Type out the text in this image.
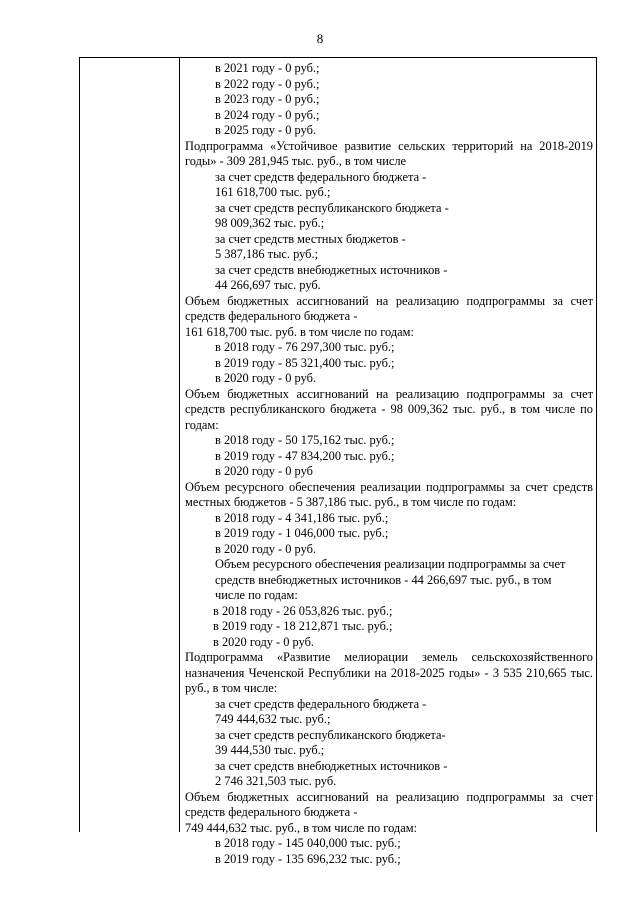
8
в 2021 году - 0 руб.;
в 2022 году - 0 руб.;
в 2023 году - 0 руб.;
в 2024 году - 0 руб.;
в 2025 году - 0 руб.
Подпрограмма «Устойчивое развитие сельских территорий на 2018-2019
годы» - 309 281,945 тыс. руб., в том числе
за счет средств федерального бюджета -
161 618,700 тыс. руб.;
за счет средств республиканского бюджета -
98 009,362 тыс. руб.;
за счет средств местных бюджетов -
5 387,186 тыс. руб.;
за счет средств внебюджетных источников -
44 266,697 тыс. руб.
Объем бюджетных ассигнований на реализацию подпрограммы за счет
средств федерального бюджета -
161 618,700 тыс. руб. в том числе по годам:
в 2018 году - 76 297,300 тыс. руб.;
в 2019 году - 85 321,400 тыс. руб.;
в 2020 году - 0 руб.
Объем бюджетных ассигнований на реализацию подпрограммы за счет
средств республиканского бюджета - 98 009,362 тыс. руб., в том числе по
годам:
в 2018 году - 50 175,162 тыс. руб.;
в 2019 году - 47 834,200 тыс. руб.;
в 2020 году - 0 руб
Объем ресурсного обеспечения реализации подпрограммы за счет средств
местных бюджетов - 5 387,186 тыс. руб., в том числе по годам:
в 2018 году - 4 341,186 тыс. руб.;
в 2019 году - 1 046,000 тыс. руб.;
в 2020 году - 0 руб.
Объем ресурсного обеспечения реализации подпрограммы за счет
средств внебюджетных источников - 44 266,697 тыс. руб., в том
числе по годам:
в 2018 году - 26 053,826 тыс. руб.;
в 2019 году - 18 212,871 тыс. руб.;
в 2020 году - 0 руб.
Подпрограмма «Развитие мелиорации земель сельскохозяйственного
назначения Чеченской Республики на 2018-2025 годы» - 3 535 210,665 тыс.
руб., в том числе:
за счет средств федерального бюджета -
749 444,632 тыс. руб.;
за счет средств республиканского бюджета-
39 444,530 тыс. руб.;
за счет средств внебюджетных источников -
2 746 321,503 тыс. руб.
Объем бюджетных ассигнований на реализацию подпрограммы за счет
средств федерального бюджета -
749 444,632 тыс. руб., в том числе по годам:
в 2018 году - 145 040,000 тыс. руб.;
в 2019 году - 135 696,232 тыс. руб.;
